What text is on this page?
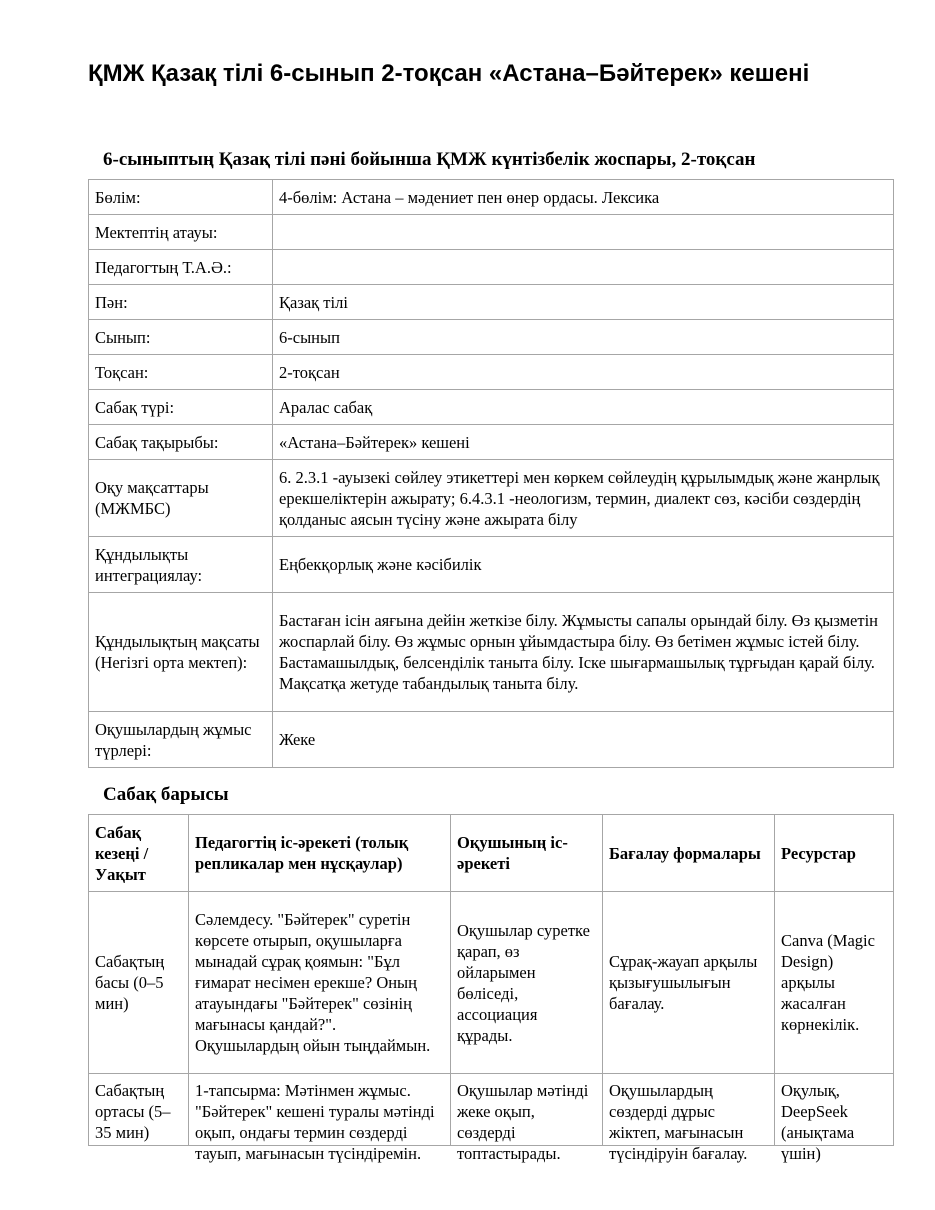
ҚМЖ Қазақ тілі 6-сынып 2-тоқсан «Астана–Бәйтерек» кешені
6-сыныптың Қазақ тілі пәні бойынша ҚМЖ күнтізбелік жоспары, 2-тоқсан
Бөлім:	4-бөлім: Астана – мәдениет пен өнер ордасы. Лексика
Мектептің атауы:	
Педагогтың Т.А.Ә.:	
Пән:	Қазақ тілі
Сынып:	6-сынып
Тоқсан:	2-тоқсан
Сабақ түрі:	Аралас сабақ
Сабақ тақырыбы:	«Астана–Бәйтерек» кешені
Оқу мақсаттары (МЖМБС)	6. 2.3.1 -ауызекі сөйлеу этикеттері мен көркем сөйлеудің құрылымдық және жанрлық ерекшеліктерін ажырату; 6.4.3.1 -неологизм, термин, диалект сөз, кәсіби сөздердің қолданыс аясын түсіну және ажырата білу
Құндылықты интеграциялау:	Еңбекқорлық және кәсібилік
Құндылықтың мақсаты (Негізгі орта мектеп):	Бастаған ісін аяғына дейін жеткізе білу. Жұмысты сапалы орындай білу. Өз қызметін жоспарлай білу. Өз жұмыс орнын ұйымдастыра білу. Өз бетімен жұмыс істей білу. Бастамашылдық, белсенділік таныта білу. Іске шығармашылық тұрғыдан қарай білу. Мақсатқа жетуде табандылық таныта білу.
Оқушылардың жұмыс түрлері:	Жеке
Сабақ барысы
Сабақ кезеңі / Уақыт	Педагогтің іс-әрекеті (толық репликалар мен нұсқаулар)	Оқушының іс-әрекеті	Бағалау формалары	Ресурстар
Сабақтың басы (0–5 мин)	Сәлемдесу. "Бәйтерек" суретін көрсете отырып, оқушыларға мынадай сұрақ қоямын: "Бұл ғимарат несімен ерекше? Оның атауындағы "Бәйтерек" сөзінің мағынасы қандай?". Оқушылардың ойын тыңдаймын.	Оқушылар суретке қарап, өз ойларымен бөліседі, ассоциация құрады.	Сұрақ-жауап арқылы қызығушылығын бағалау.	Canva (Magic Design) арқылы жасалған көрнекілік.

Сабақтың ортасы (5–35 мин)	1-тапсырма: Мәтінмен жұмыс. "Бәйтерек" кешені туралы мәтінді оқып, ондағы термин сөздерді тауып, мағынасын түсіндіремін.	Оқушылар мәтінді жеке оқып, сөздерді топтастырады.	Оқушылардың сөздерді дұрыс жіктеп, мағынасын түсіндіруін бағалау.	Оқулық, DeepSeek (анықтама үшін)
